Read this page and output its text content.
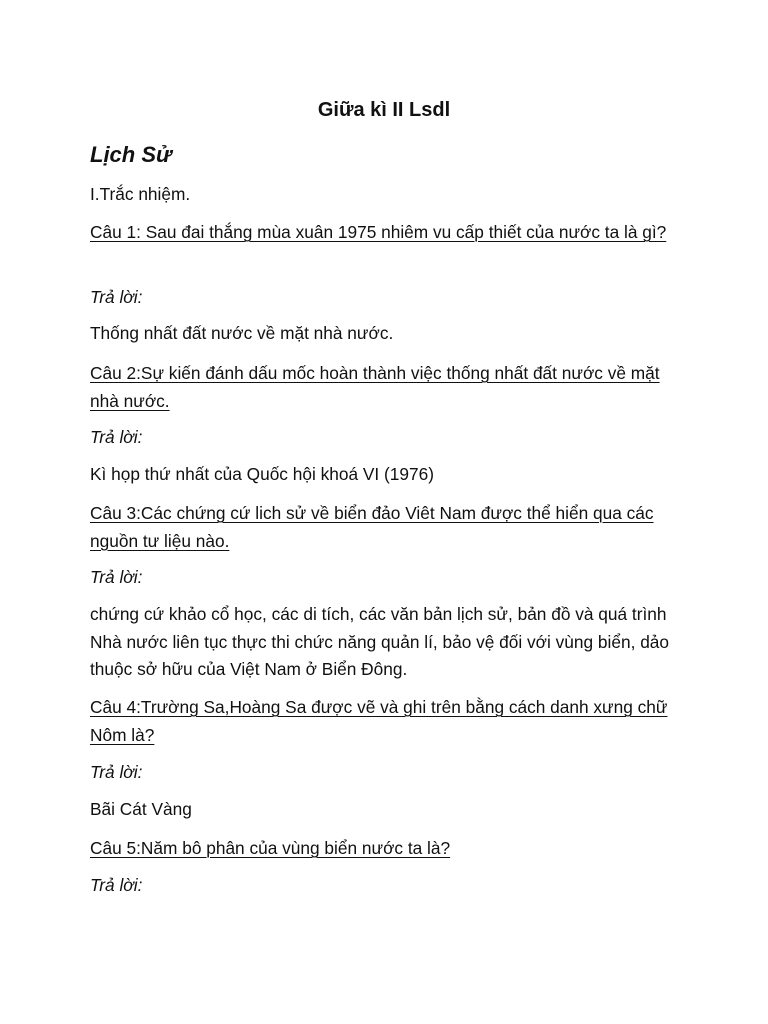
Giữa kì II Lsdl
Lịch Sử

I.Trắc nhiệm.

Câu 1: Sau đai thắng mùa xuân 1975 nhiêm vu cấp thiết của nước ta là gì?

Trả lời:

Thống nhất đất nước về mặt nhà nước.

Câu 2:Sự kiến đánh dấu mốc hoàn thành việc thống nhất đất nước về mặt nhà nước.

Trả lời:

Kì họp thứ nhất của Quốc hội khoá VI (1976)

Câu 3:Các chứng cứ lich sử về biển đảo Viêt Nam được thể hiển qua các nguồn tư liệu nào.

Trả lời:

chứng cứ khảo cổ học, các di tích, các văn bản lịch sử, bản đồ và quá trình Nhà nước liên tục thực thi chức năng quản lí, bảo vệ đối với vùng biển, dảo thuộc sở hữu của Việt Nam ở Biển Đông.

Câu 4:Trường Sa,Hoàng Sa được vẽ và ghi trên bằng cách danh xưng chữ Nôm là?

Trả lời:

Bãi Cát Vàng

Câu 5:Năm bô phân của vùng biển nước ta là?

Trả lời:
